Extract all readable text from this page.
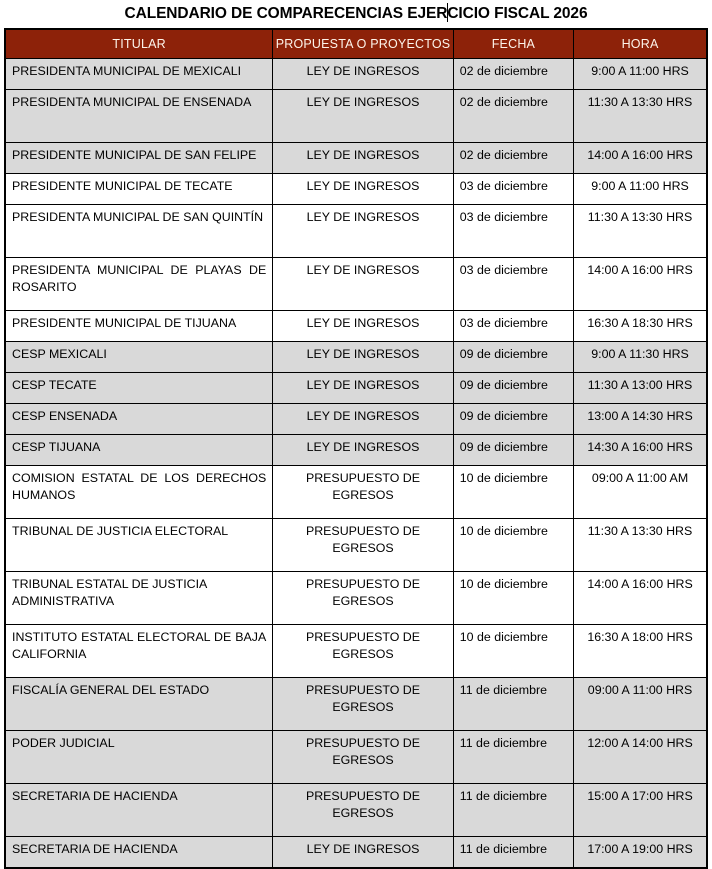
CALENDARIO DE COMPARECENCIAS EJERCICIO FISCAL 2026
TITULAR	PROPUESTA O PROYECTOS	FECHA	HORA
PRESIDENTA MUNICIPAL DE MEXICALI	LEY DE INGRESOS	02 de diciembre	9:00 A 11:00 HRS
PRESIDENTA MUNICIPAL DE ENSENADA	LEY DE INGRESOS	02 de diciembre	11:30 A 13:30 HRS
PRESIDENTE MUNICIPAL DE SAN FELIPE	LEY DE INGRESOS	02 de diciembre	14:00 A 16:00 HRS
PRESIDENTE MUNICIPAL DE TECATE	LEY DE INGRESOS	03 de diciembre	9:00 A 11:00 HRS
PRESIDENTA MUNICIPAL DE SAN QUINTÍN	LEY DE INGRESOS	03 de diciembre	11:30 A 13:30 HRS
PRESIDENTA MUNICIPAL DE PLAYAS DE ROSARITO	LEY DE INGRESOS	03 de diciembre	14:00 A 16:00 HRS
PRESIDENTE MUNICIPAL DE TIJUANA	LEY DE INGRESOS	03 de diciembre	16:30 A 18:30 HRS
CESP MEXICALI	LEY DE INGRESOS	09 de diciembre	9:00 A 11:30 HRS
CESP TECATE	LEY DE INGRESOS	09 de diciembre	11:30 A 13:00 HRS
CESP ENSENADA	LEY DE INGRESOS	09 de diciembre	13:00 A 14:30 HRS
CESP TIJUANA	LEY DE INGRESOS	09 de diciembre	14:30 A 16:00 HRS
COMISION ESTATAL DE LOS DERECHOS HUMANOS	PRESUPUESTO DE EGRESOS	10 de diciembre	09:00 A 11:00 AM
TRIBUNAL DE JUSTICIA ELECTORAL	PRESUPUESTO DE EGRESOS	10 de diciembre	11:30 A 13:30 HRS
TRIBUNAL ESTATAL DE JUSTICIA ADMINISTRATIVA	PRESUPUESTO DE EGRESOS	10 de diciembre	14:00 A 16:00 HRS
INSTITUTO ESTATAL ELECTORAL DE BAJA CALIFORNIA	PRESUPUESTO DE EGRESOS	10 de diciembre	16:30 A 18:00 HRS
FISCALÍA GENERAL DEL ESTADO	PRESUPUESTO DE EGRESOS	11 de diciembre	09:00 A 11:00 HRS
PODER JUDICIAL	PRESUPUESTO DE EGRESOS	11 de diciembre	12:00 A 14:00 HRS
SECRETARIA DE HACIENDA	PRESUPUESTO DE EGRESOS	11 de diciembre	15:00 A 17:00 HRS
SECRETARIA DE HACIENDA	LEY DE INGRESOS	11 de diciembre	17:00 A 19:00 HRS
